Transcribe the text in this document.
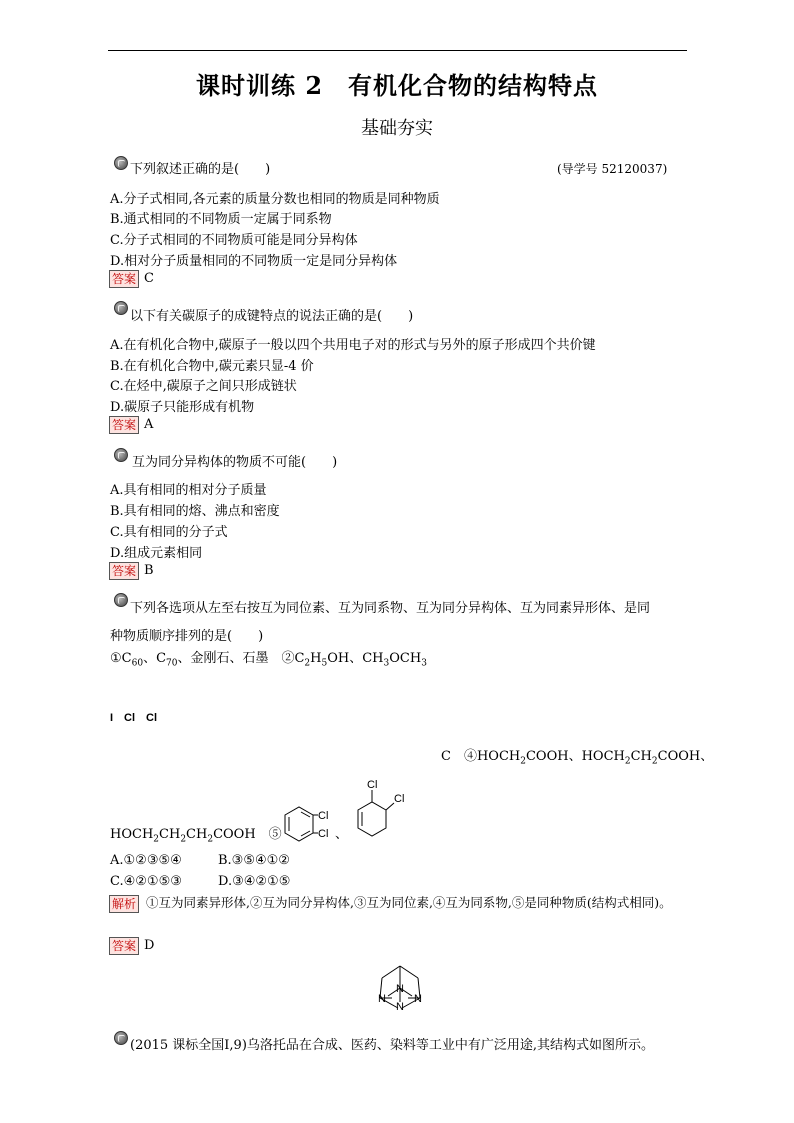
课时训练 2　有机化合物的结构特点
基础夯实
下列叙述正确的是(　　)	(导学号 52120037)
A.分子式相同,各元素的质量分数也相同的物质是同种物质
B.通式相同的不同物质一定属于同系物
C.分子式相同的不同物质可能是同分异构体
D.相对分子质量相同的不同物质一定是同分异构体
答案 C
以下有关碳原子的成键特点的说法正确的是(　　)
A.在有机化合物中,碳原子一般以四个共用电子对的形式与另外的原子形成四个共价键
B.在有机化合物中,碳元素只显-4 价
C.在烃中,碳原子之间只形成链状
D.碳原子只能形成有机物
答案 A
互为同分异构体的物质不可能(　　)
A.具有相同的相对分子质量
B.具有相同的熔、沸点和密度
C.具有相同的分子式
D.组成元素相同
答案 B
下列各选项从左至右按互为同位素、互为同系物、互为同分异构体、互为同素异形体、是同
种物质顺序排列的是(　　)
$①C_{60}$、$C_{70}$、金刚石、石墨　$②C_2H_5OH$、$CH_3OCH_3$

I　Cl　Cl
C　$④HOCH_2COOH$、$HOCH_2CH_2COOH$、
Cl
Cl
Cl
Cl
$HOCH_2CH_2CH_2COOH$　⑤	、
A.①②③⑤④	B.③⑤④①②
C.④②①⑤③	D.③④②①⑤
解析 ①互为同素异形体,②互为同分异构体,③互为同位素,④互为同系物,⑤是同种物质(结构式相同)。
答案 D
N	N
N
N
(2015 课标全国Ⅰ,9)乌洛托品在合成、医药、染料等工业中有广泛用途,其结构式如图所示。
